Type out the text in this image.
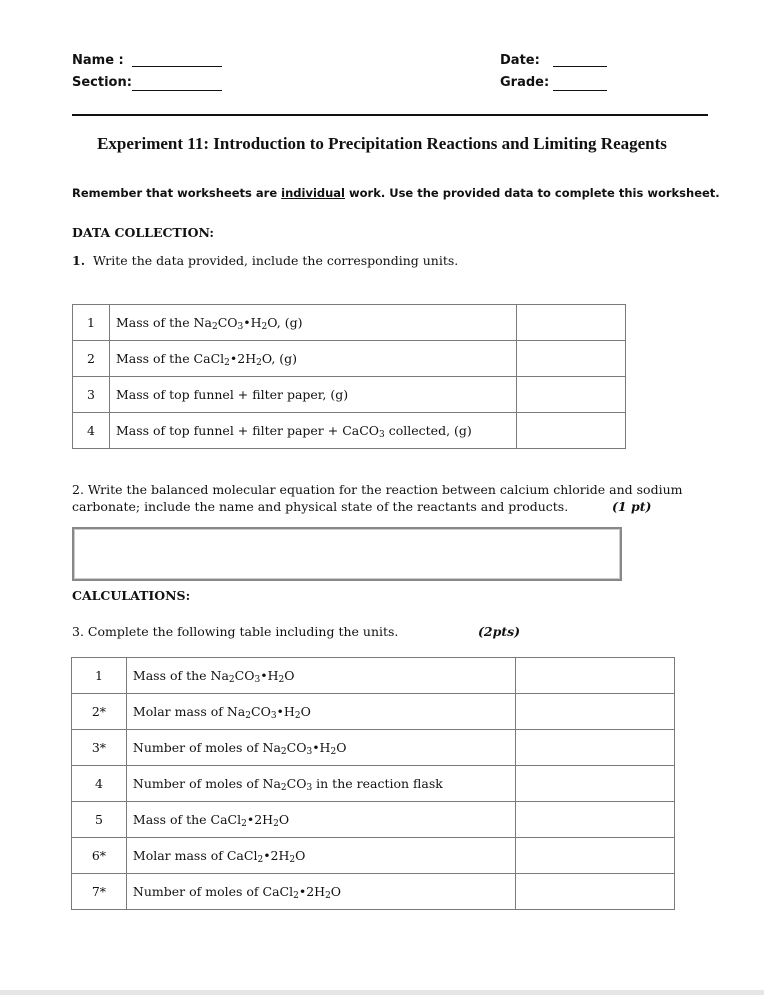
Name :
Section:
Date:
Grade:
Experiment 11: Introduction to Precipitation Reactions and Limiting Reagents
Remember that worksheets are individual work. Use the provided data to complete this worksheet.
DATA COLLECTION:
1. Write the data provided, include the corresponding units.
1	Mass of the $Na_2CO_3•H_2O$, (g)	
2	Mass of the $CaCl_2•2H_2O$, (g)	
3	Mass of top funnel + filter paper, (g)	
4	Mass of top funnel + filter paper + CaCO$_3$ collected, (g)	
2. Write the balanced molecular equation for the reaction between calcium chloride and sodium
carbonate; include the name and physical state of the reactants and products.	(1 pt)
CALCULATIONS:
3. Complete the following table including the units.	(2pts)
1	Mass of the $Na_2CO_3•H_2O$	
2*	Molar mass of $Na_2CO_3•H_2O$	
3*	Number of moles of $Na_2CO_3•H_2O$	
4	Number of moles of $Na_2CO_3$ in the reaction flask	
5	Mass of the $CaCl_2•2H_2O$	
6*	Molar mass of $CaCl_2•2H_2O$	
7*	Number of moles of $CaCl_2•2H_2O$	
